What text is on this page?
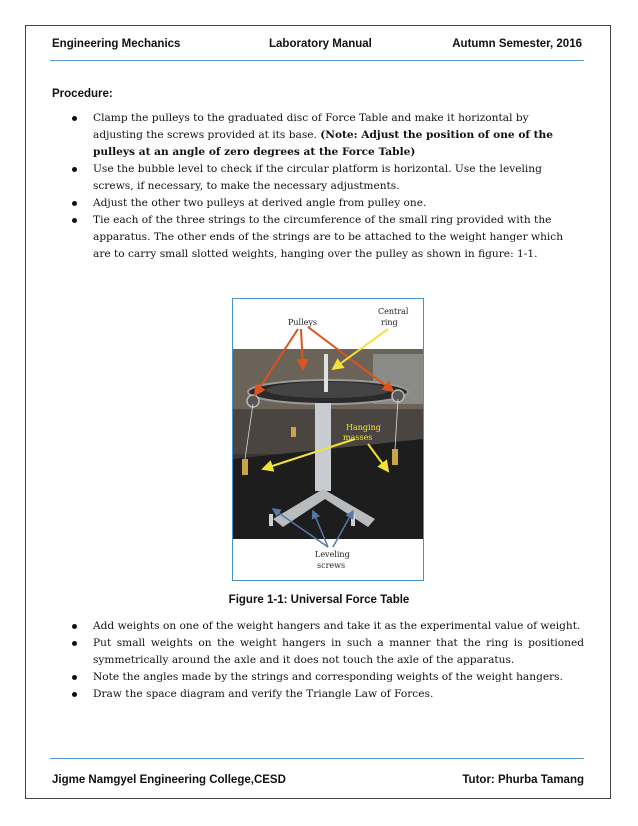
Engineering Mechanics	Laboratory Manual	Autumn Semester, 2016
Procedure:
Clamp the pulleys to the graduated disc of Force Table and make it horizontal by adjusting the screws provided at its base. (Note: Adjust the position of one of the pulleys at an angle of zero degrees at the Force Table)
Use the bubble level to check if the circular platform is horizontal. Use the leveling screws, if necessary, to make the necessary adjustments.
Adjust the other two pulleys at derived angle from pulley one.
Tie each of the three strings to the circumference of the small ring provided with the apparatus. The other ends of the strings are to be attached to the weight hanger which are to carry small slotted weights, hanging over the pulley as shown in figure: 1-1.
Pulleys
Central
ring
Hanging
masses
Leveling
screws
Figure 1-1: Universal Force Table
Add weights on one of the weight hangers and take it as the experimental value of weight.
Put small weights on the weight hangers in such a manner that the ring is positioned symmetrically around the axle and it does not touch the axle of the apparatus.
Note the angles made by the strings and corresponding weights of the weight hangers.
Draw the space diagram and verify the Triangle Law of Forces.
Jigme Namgyel Engineering College,CESD	Tutor: Phurba Tamang
